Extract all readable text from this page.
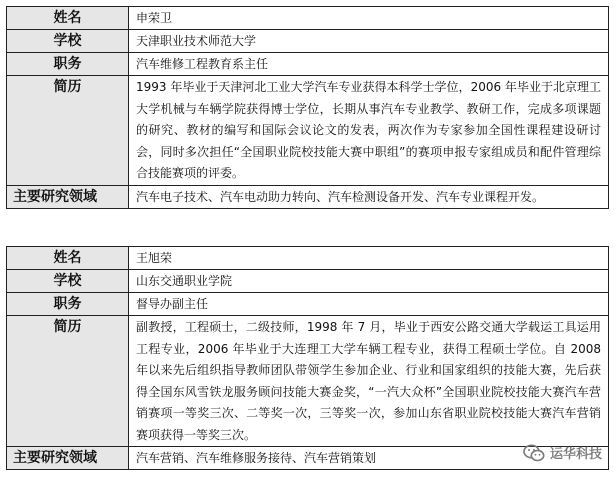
姓名	申荣卫
学校	天津职业技术师范大学
职务	汽车维修工程教育系主任
简历	1993 年毕业于天津河北工业大学汽车专业获得本科学士学位，2006 年毕业于北京理工大学机械与车辆学院获得博士学位，长期从事汽车专业教学、教研工作，完成多项课题的研究、教材的编写和国际会议论文的发表，两次作为专家参加全国性课程建设研讨会，同时多次担任“全国职业院校技能大赛中职组”的赛项申报专家组成员和配件管理综合技能赛项的评委。
主要研究领域	汽车电子技术、汽车电动助力转向、汽车检测设备开发、汽车专业课程开发。
姓名	王旭荣
学校	山东交通职业学院
职务	督导办副主任
简历	副教授，工程硕士，二级技师，1998 年 7 月，毕业于西安公路交通大学载运工具运用工程专业，2006 年毕业于大连理工大学车辆工程专业，获得工程硕士学位。自 2008 年以来先后组织指导教师团队带领学生参加企业、行业和国家组织的技能大赛，先后获得全国东风雪铁龙服务顾问技能大赛金奖，“一汽大众杯”全国职业院校技能大赛汽车营销赛项一等奖三次、二等奖一次，三等奖一次，参加山东省职业院校技能大赛汽车营销赛项获得一等奖三次。
主要研究领域	汽车营销、汽车维修服务接待、汽车营销策划	运华科技
